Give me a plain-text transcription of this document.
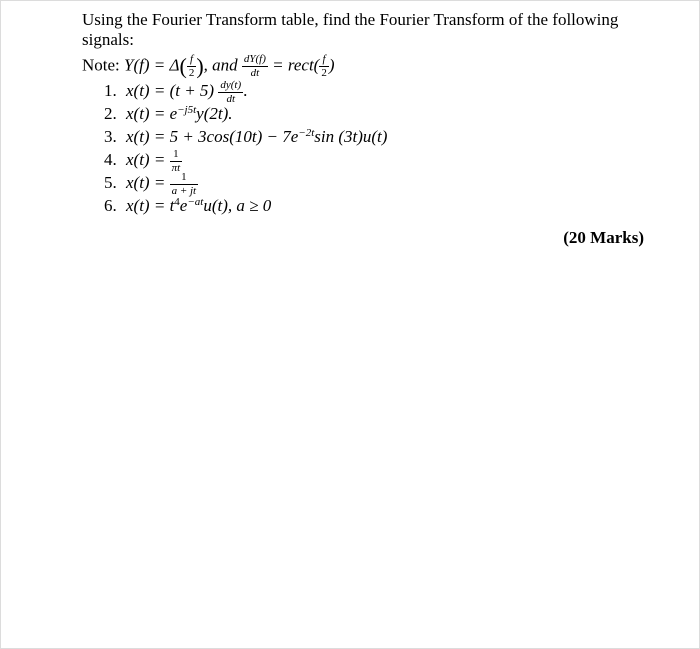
Using the Fourier Transform table, find the Fourier Transform of the following signals:

Note: $Y(f) = \Delta( \frac{f}{2}$ ), and $\frac{dY(f)}{dt}$ = rect( $\frac{f}{2}$ )
1. $x(t) = (t + 5) \frac{dy(t)}{dt}$ .
2. $x(t) = e^{-j5t}y(2t)$.
3. $x(t) = 5 + 3\cos(10t) - 7e^{-2t}\sin$ (3t)u(t)
4. $x(t) = \frac{1}{\pi t}$
5. $x(t) = \frac{1}{a + jt}$
6. $x(t) = t^4e^{-at}u(t)$, a ≥ 0
(20 Marks)
